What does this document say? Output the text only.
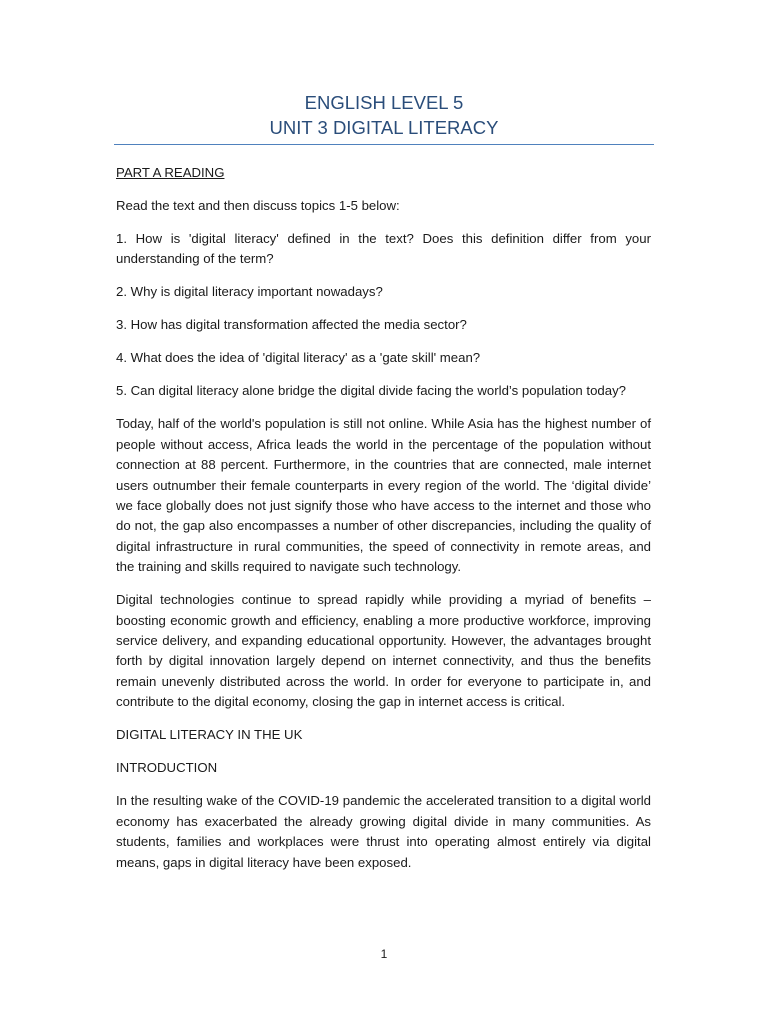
ENGLISH LEVEL 5
UNIT 3 DIGITAL LITERACY

PART A READING

Read the text and then discuss topics 1-5 below:

1. How is 'digital literacy' defined in the text? Does this definition differ from your understanding of the term?

2. Why is digital literacy important nowadays?

3. How has digital transformation affected the media sector?

4. What does the idea of 'digital literacy' as a 'gate skill' mean?

5. Can digital literacy alone bridge the digital divide facing the world’s population today?

Today, half of the world's population is still not online. While Asia has the highest number of people without access, Africa leads the world in the percentage of the population without connection at 88 percent. Furthermore, in the countries that are connected, male internet users outnumber their female counterparts in every region of the world. The ‘digital divide’ we face globally does not just signify those who have access to the internet and those who do not, the gap also encompasses a number of other discrepancies, including the quality of digital infrastructure in rural communities, the speed of connectivity in remote areas, and the training and skills required to navigate such technology.

Digital technologies continue to spread rapidly while providing a myriad of benefits – boosting economic growth and efficiency, enabling a more productive workforce, improving service delivery, and expanding educational opportunity. However, the advantages brought forth by digital innovation largely depend on internet connectivity, and thus the benefits remain unevenly distributed across the world. In order for everyone to participate in, and contribute to the digital economy, closing the gap in internet access is critical.

DIGITAL LITERACY IN THE UK

INTRODUCTION

In the resulting wake of the COVID-19 pandemic the accelerated transition to a digital world economy has exacerbated the already growing digital divide in many communities. As students, families and workplaces were thrust into operating almost entirely via digital means, gaps in digital literacy have been exposed.

1
